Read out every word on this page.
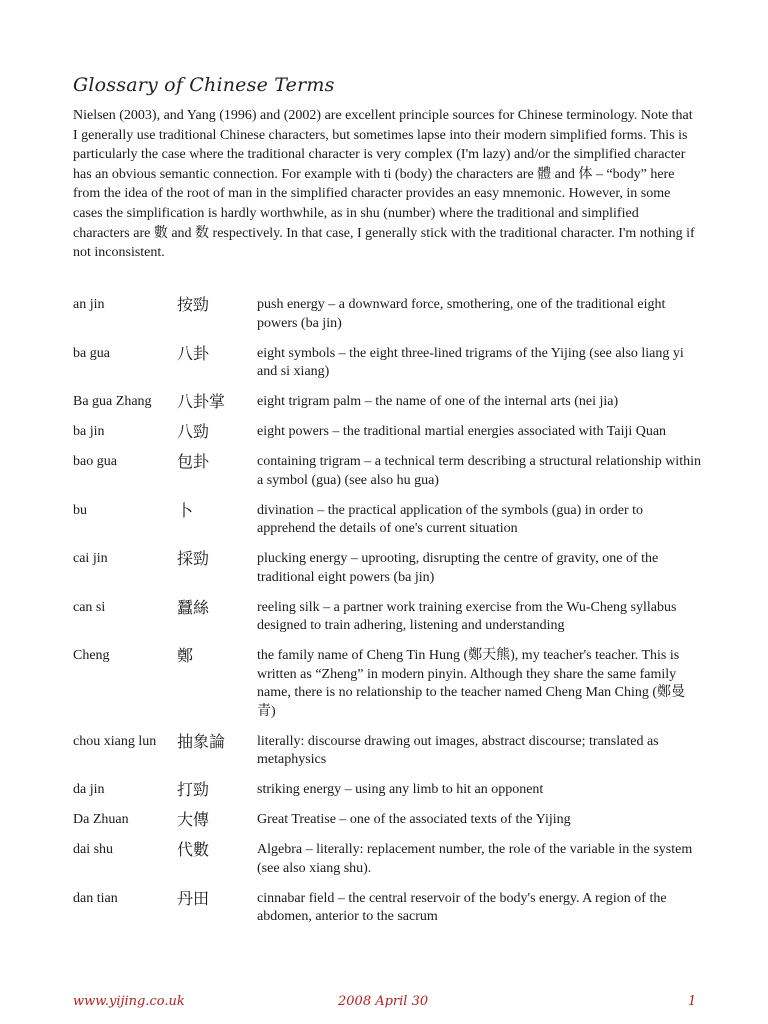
Glossary of Chinese Terms
Nielsen (2003), and Yang (1996) and (2002) are excellent principle sources for Chinese terminology. Note that I generally use traditional Chinese characters, but sometimes lapse into their modern simplified forms. This is particularly the case where the traditional character is very complex (I'm lazy) and/or the simplified character has an obvious semantic connection. For example with ti (body) the characters are 體 and 体 – “body” here from the idea of the root of man in the simplified character provides an easy mnemonic. However, in some cases the simplification is hardly worthwhile, as in shu (number) where the traditional and simplified characters are 數 and 数 respectively. In that case, I generally stick with the traditional character. I'm nothing if not inconsistent.
an jin	按勁	push energy – a downward force, smothering, one of the traditional eight powers (ba jin)
ba gua	八卦	eight symbols – the eight three-lined trigrams of the Yijing (see also liang yi and si xiang)
Ba gua Zhang	八卦掌	eight trigram palm – the name of one of the internal arts (nei jia)
ba jin	八勁	eight powers – the traditional martial energies associated with Taiji Quan
bao gua	包卦	containing trigram – a technical term describing a structural relationship within a symbol (gua) (see also hu gua)
bu	卜	divination – the practical application of the symbols (gua) in order to apprehend the details of one's current situation
cai jin	採勁	plucking energy – uprooting, disrupting the centre of gravity, one of the traditional eight powers (ba jin)
can si	蠶絲	reeling silk – a partner work training exercise from the Wu-Cheng syllabus designed to train adhering, listening and understanding
Cheng	鄭	the family name of Cheng Tin Hung (鄭天熊), my teacher's teacher. This is written as “Zheng” in modern pinyin. Although they share the same family name, there is no relationship to the teacher named Cheng Man Ching (鄭曼青)
chou xiang lun	抽象論	literally: discourse drawing out images, abstract discourse; translated as metaphysics
da jin	打勁	striking energy – using any limb to hit an opponent
Da Zhuan	大傳	Great Treatise – one of the associated texts of the Yijing
dai shu	代數	Algebra – literally: replacement number, the role of the variable in the system (see also xiang shu).
dan tian	丹田	cinnabar field – the central reservoir of the body's energy. A region of the abdomen, anterior to the sacrum
www.yijing.co.uk	2008 April 30	1
